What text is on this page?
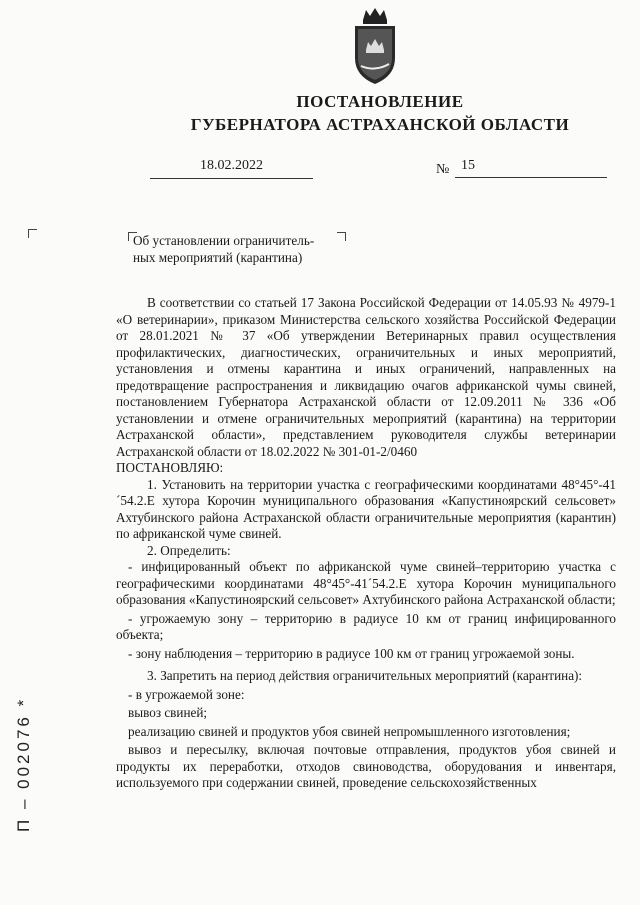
ПОСТАНОВЛЕНИЕ
ГУБЕРНАТОРА АСТРАХАНСКОЙ ОБЛАСТИ
18.02.2022	№ 15
Об установлении ограничитель-
ных мероприятий (карантина)

В соответствии со статьей 17 Закона Российской Федерации от 14.05.93 № 4979-1 «О ветеринарии», приказом Министерства сельского хозяйства Российской Федерации от 28.01.2021 № 37 «Об утверждении Ветеринарных правил осуществления профилактических, диагностических, ограничительных и иных мероприятий, установления и отмены карантина и иных ограничений, направленных на предотвращение распространения и ликвидацию очагов африканской чумы свиней, постановлением Губернатора Астраханской области от 12.09.2011 № 336 «Об установлении и отмене ограничительных мероприятий (карантина) на территории Астраханской области», представлением руководителя службы ветеринарии Астраханской области от 18.02.2022 № 301-01-2/0460

ПОСТАНОВЛЯЮ:

1. Установить на территории участка с географическими координатами 48°45°-41´54.2.Е хутора Корочин муниципального образования «Капустиноярский сельсовет» Ахтубинского района Астраханской области ограничительные мероприятия (карантин) по африканской чуме свиней.

2. Определить:

- инфицированный объект по африканской чуме свиней–территорию участка с географическими координатами 48°45°-41´54.2.Е хутора Корочин муниципального образования «Капустиноярский сельсовет» Ахтубинского района Астраханской области;

- угрожаемую зону – территорию в радиусе 10 км от границ инфицированного объекта;

- зону наблюдения – территорию в радиусе 100 км от границ угрожаемой зоны.

3. Запретить на период действия ограничительных мероприятий (карантина):

- в угрожаемой зоне:

вывоз свиней;

реализацию свиней и продуктов убоя свиней непромышленного изготовления;

вывоз и пересылку, включая почтовые отправления, продуктов убоя свиней и продукты их переработки, отходов свиноводства, оборудования и инвентаря, используемого при содержании свиней, проведение сельскохозяйственных

П – 002076 *
